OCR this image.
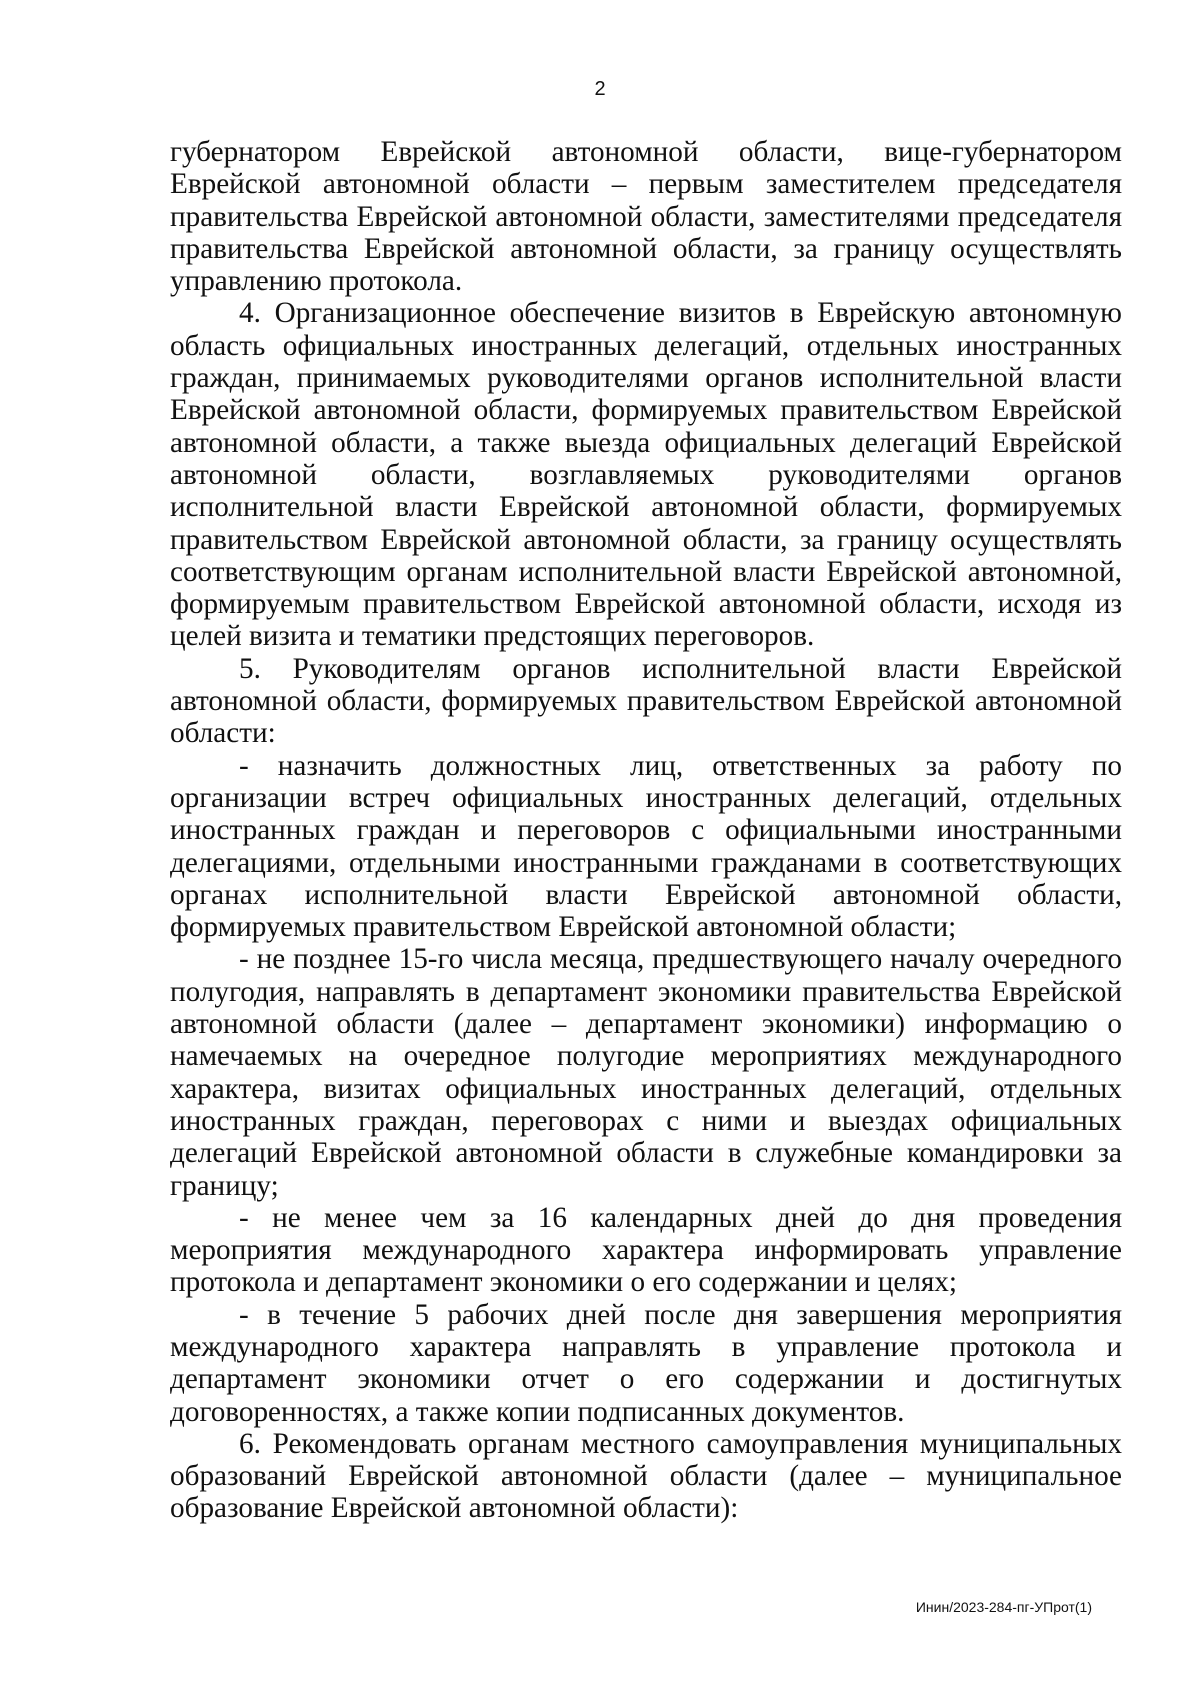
2

губернатором Еврейской автономной области, вице-губернатором Еврейской автономной области – первым заместителем председателя правительства Еврейской автономной области, заместителями председателя правительства Еврейской автономной области, за границу осуществлять управлению протокола.

4. Организационное обеспечение визитов в Еврейскую автономную область официальных иностранных делегаций, отдельных иностранных граждан, принимаемых руководителями органов исполнительной власти Еврейской автономной области, формируемых правительством Еврейской автономной области, а также выезда официальных делегаций Еврейской автономной области, возглавляемых руководителями органов исполнительной власти Еврейской автономной области, формируемых правительством Еврейской автономной области, за границу осуществлять соответствующим органам исполнительной власти Еврейской автономной, формируемым правительством Еврейской автономной области, исходя из целей визита и тематики предстоящих переговоров.

5. Руководителям органов исполнительной власти Еврейской автономной области, формируемых правительством Еврейской автономной области:

- назначить должностных лиц, ответственных за работу по организации встреч официальных иностранных делегаций, отдельных иностранных граждан и переговоров с официальными иностранными делегациями, отдельными иностранными гражданами в соответствующих органах исполнительной власти Еврейской автономной области, формируемых правительством Еврейской автономной области;

- не позднее 15-го числа месяца, предшествующего началу очередного полугодия, направлять в департамент экономики правительства Еврейской автономной области (далее – департамент экономики) информацию о намечаемых на очередное полугодие мероприятиях международного характера, визитах официальных иностранных делегаций, отдельных иностранных граждан, переговорах с ними и выездах официальных делегаций Еврейской автономной области в служебные командировки за границу;

- не менее чем за 16 календарных дней до дня проведения мероприятия международного характера информировать управление протокола и департамент экономики о его содержании и целях;

- в течение 5 рабочих дней после дня завершения мероприятия международного характера направлять в управление протокола и департамент экономики отчет о его содержании и достигнутых договоренностях, а также копии подписанных документов.

6. Рекомендовать органам местного самоуправления муниципальных образований Еврейской автономной области (далее – муниципальное образование Еврейской автономной области):

Инин/2023-284-пг-УПрот(1)
